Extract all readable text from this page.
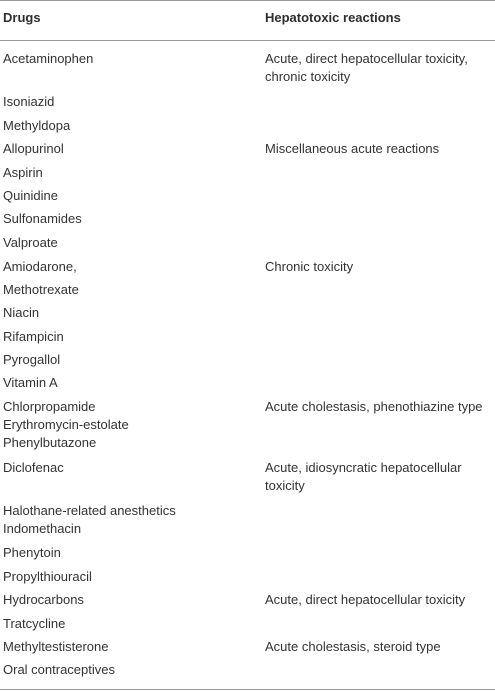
Drugs	Hepatotoxic reactions
Acetaminophen	Acute, direct hepatocellular toxicity,
chronic toxicity
Isoniazid
Methyldopa
Allopurinol	Miscellaneous acute reactions
Aspirin
Quinidine
Sulfonamides
Valproate
Amiodarone,	Chronic toxicity
Methotrexate
Niacin
Rifampicin
Pyrogallol
Vitamin A
Chlorpropamide	Acute cholestasis, phenothiazine type
Erythromycin-estolate
Phenylbutazone
Diclofenac	Acute, idiosyncratic hepatocellular
toxicity
Halothane-related anesthetics
Indomethacin
Phenytoin
Propylthiouracil
Hydrocarbons	Acute, direct hepatocellular toxicity
Tratcycline
Methyltestisterone	Acute cholestasis, steroid type
Oral contraceptives
